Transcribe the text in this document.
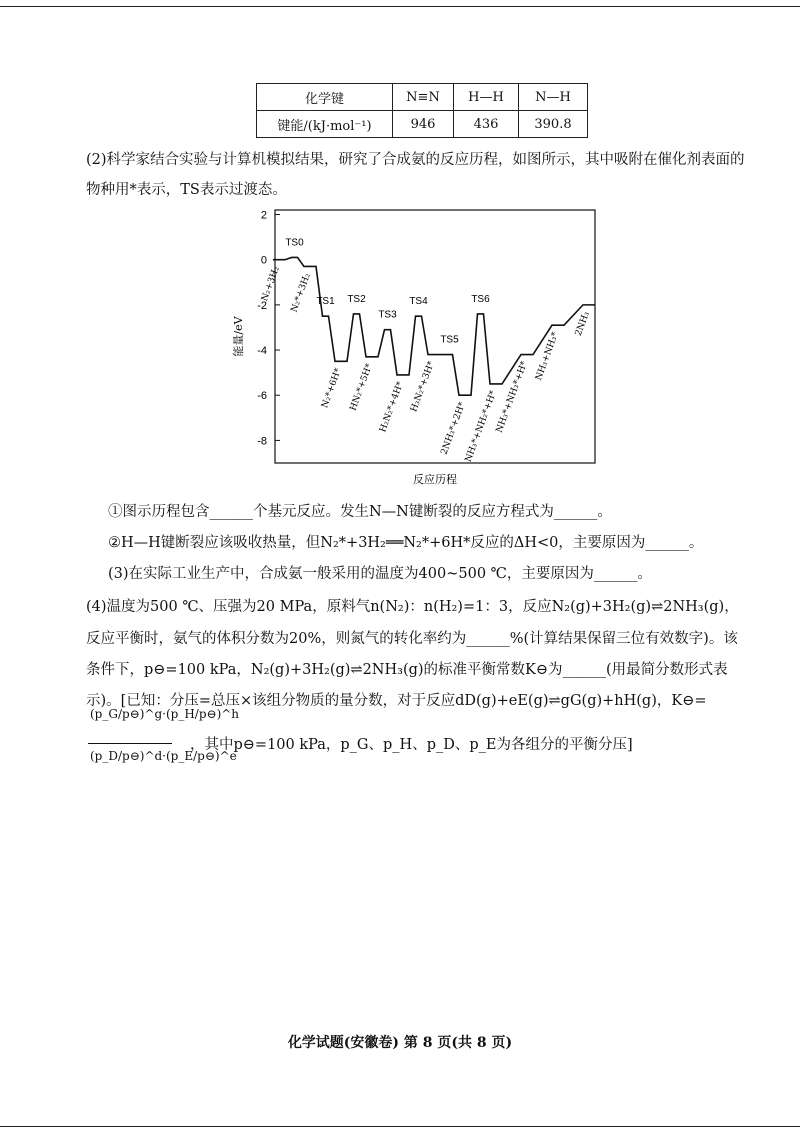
化学键	N≡N	H—H	N—H
键能/(kJ·mol⁻¹)	946	436	390.8
(2)科学家结合实验与计算机模拟结果，研究了合成氨的反应历程，如图所示，其中吸附在催化剂表面的
物种用*表示，TS表示过渡态。
2
0
-2
-4
-6
-8
能量/eV
反应历程
N₂+3H₂ N₂*+3H₂
N₂*+6H* HN₂*+5H* H₂N₂*+4H* H₃N₂*+3H*
2NH₃*+2H*
NH₃*+NH₂*+H*
NH₃*+NH₃*+H*
NH₃+NH₃*
2NH₃
TS0
TS1 TS2
TS3
TS4
TS5
TS6
①图示历程包含______个基元反应。发生N—N键断裂的反应方程式为______。
②H—H键断裂应该吸收热量，但N₂*+3H₂══N₂*+6H*反应的ΔH<0，主要原因为______。
(3)在实际工业生产中，合成氨一般采用的温度为400~500 ℃，主要原因为______。
(4)温度为500 ℃、压强为20 MPa，原料气n(N₂)：n(H₂)=1：3，反应N₂(g)+3H₂(g)⇌2NH₃(g)，
反应平衡时，氨气的体积分数为20%，则氮气的转化率约为______%(计算结果保留三位有效数字)。该
条件下，p⊖=100 kPa，N₂(g)+3H₂(g)⇌2NH₃(g)的标准平衡常数K⊖为______(用最简分数形式表
示)。[已知：分压=总压×该组分物质的量分数，对于反应dD(g)+eE(g)⇌gG(g)+hH(g)，K⊖=
(p_G/p⊖)^g·(p_H/p⊖)^h
(p_D/p⊖)^d·(p_E/p⊖)^e
，其中p⊖=100 kPa，p_G、p_H、p_D、p_E为各组分的平衡分压]
化学试题(安徽卷) 第 8 页(共 8 页)
